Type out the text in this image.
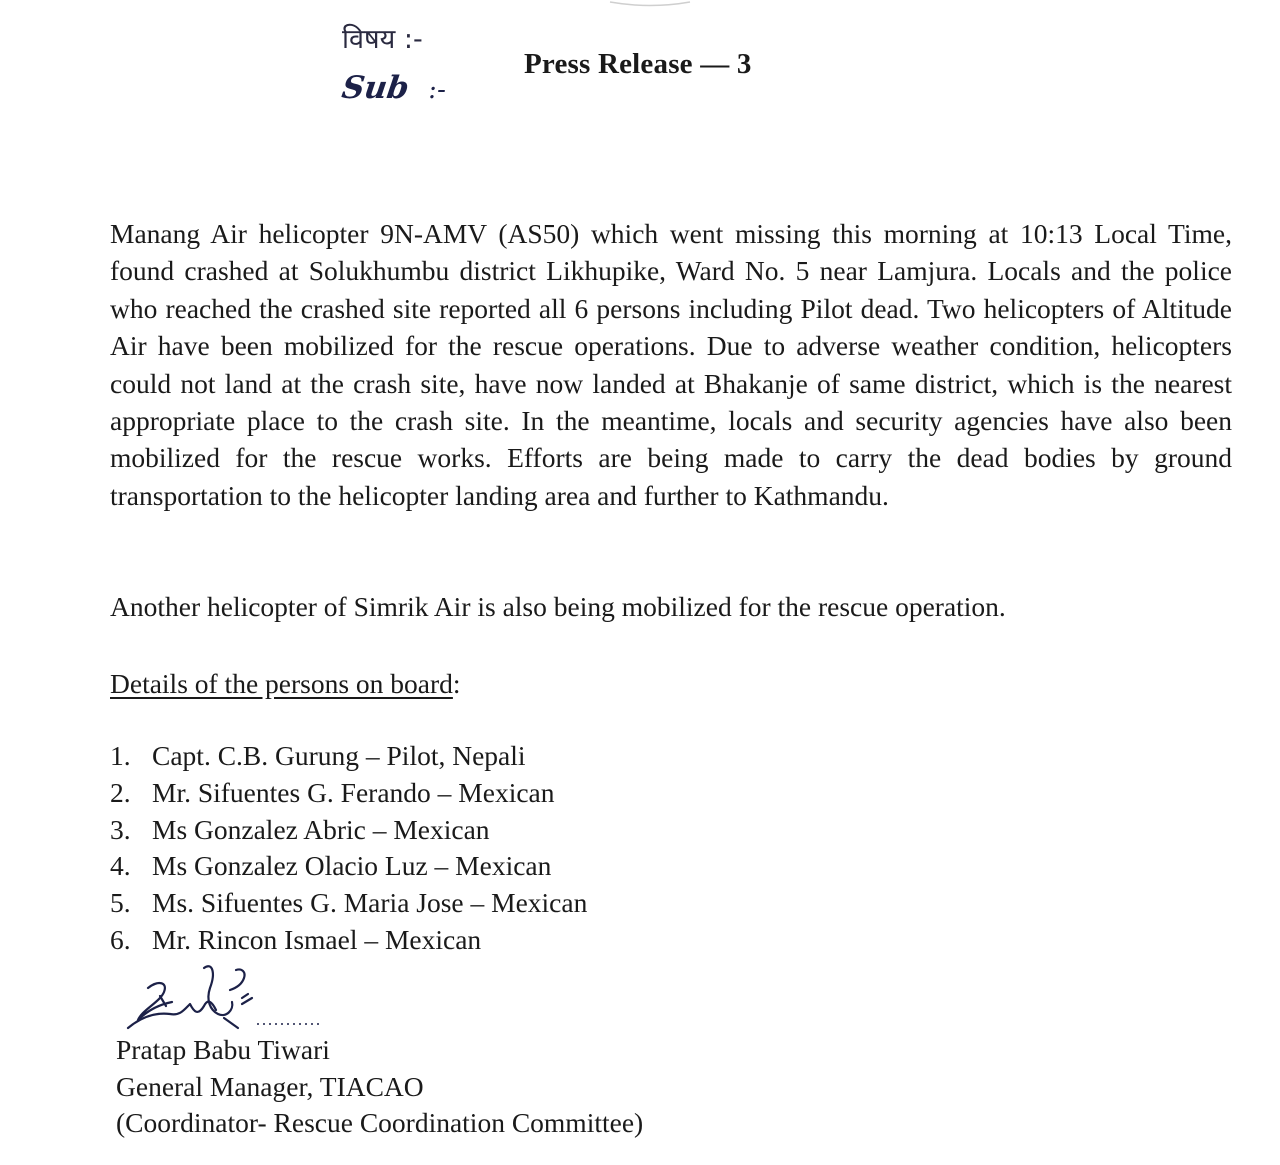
विषय :-
Sub :-
Press Release — 3

Manang Air helicopter 9N-AMV (AS50) which went missing this morning at 10:13 Local Time, found crashed at Solukhumbu district Likhupike, Ward No. 5 near Lamjura. Locals and the police who reached the crashed site reported all 6 persons including Pilot dead. Two helicopters of Altitude Air have been mobilized for the rescue operations. Due to adverse weather condition, helicopters could not land at the crash site, have now landed at Bhakanje of same district, which is the nearest appropriate place to the crash site. In the meantime, locals and security agencies have also been mobilized for the rescue works. Efforts are being made to carry the dead bodies by ground transportation to the helicopter landing area and further to Kathmandu.

Another helicopter of Simrik Air is also being mobilized for the rescue operation.

Details of the persons on board:

1. Capt. C.B. Gurung – Pilot, Nepali
2. Mr. Sifuentes G. Ferando – Mexican
3. Ms Gonzalez Abric – Mexican
4. Ms Gonzalez Olacio Luz – Mexican
5. Ms. Sifuentes G. Maria Jose – Mexican
6. Mr. Rincon Ismael – Mexican
Pratap Babu Tiwari
General Manager, TIACAO
(Coordinator- Rescue Coordination Committee)
